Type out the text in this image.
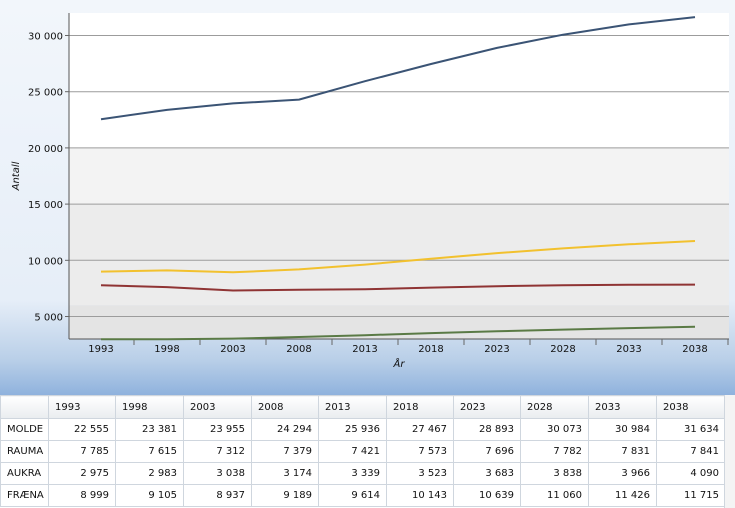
5 000
10 000
15 000
20 000
25 000
30 000
1993	1998	2003	2008	2013	2018	2023	2028	2033	2038
Antall
År
	1993	1998	2003	2008	2013	2018	2023	2028	2033	2038
MOLDE	22 555	23 381	23 955	24 294	25 936	27 467	28 893	30 073	30 984	31 634
RAUMA	7 785	7 615	7 312	7 379	7 421	7 573	7 696	7 782	7 831	7 841
AUKRA	2 975	2 983	3 038	3 174	3 339	3 523	3 683	3 838	3 966	4 090
FRÆNA	8 999	9 105	8 937	9 189	9 614	10 143	10 639	11 060	11 426	11 715
